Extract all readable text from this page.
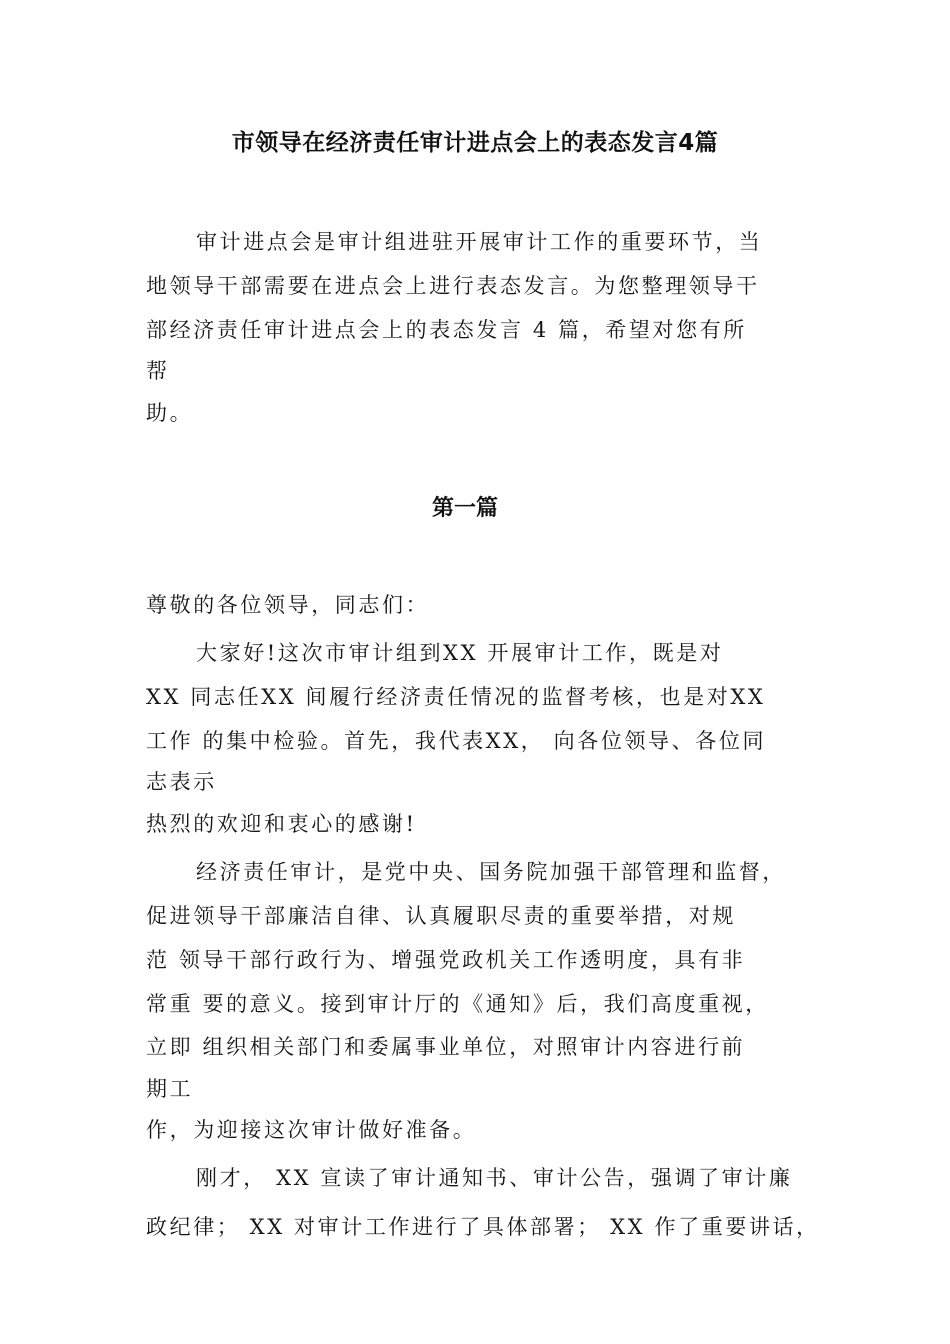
市领导在经济责任审计进点会上的表态发言4篇
审计进点会是审计组进驻开展审计工作的重要环节，当
地领导干部需要在进点会上进行表态发言。为您整理领导干
部经济责任审计进点会上的表态发言 4 篇，希望对您有所
帮
助。
第一篇
尊敬的各位领导，同志们：
大家好!这次市审计组到XX 开展审计工作，既是对
XX 同志任XX 间履行经济责任情况的监督考核，也是对XX
工作 的集中检验。首先，我代表XX， 向各位领导、各位同
志表示
热烈的欢迎和衷心的感谢!
经济责任审计，是党中央、国务院加强干部管理和监督，
促进领导干部廉洁自律、认真履职尽责的重要举措，对规
范 领导干部行政行为、增强党政机关工作透明度，具有非
常重 要的意义。接到审计厅的《通知》后，我们高度重视，
立即 组织相关部门和委属事业单位，对照审计内容进行前
期工
作，为迎接这次审计做好准备。
刚才， XX 宣读了审计通知书、审计公告，强调了审计廉
政纪律； XX 对审计工作进行了具体部署； XX 作了重要讲话，
